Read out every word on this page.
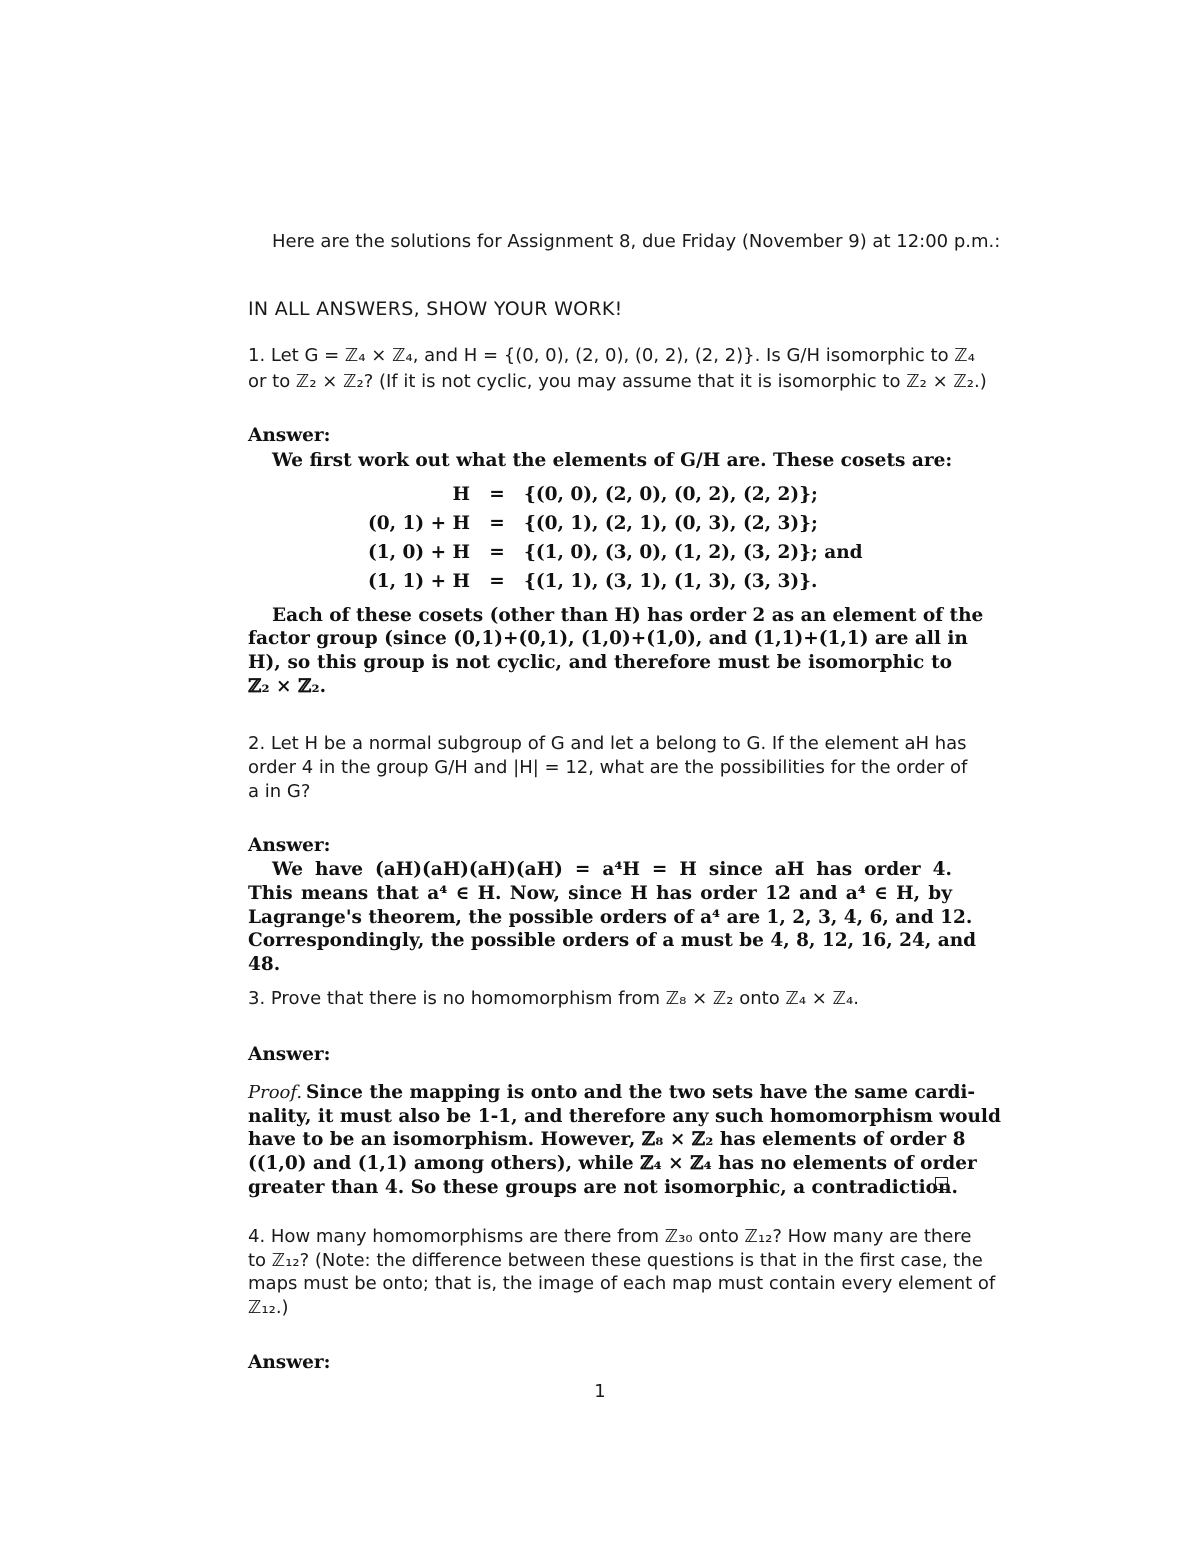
Here are the solutions for Assignment 8, due Friday (November 9) at 12:00 p.m.:
IN ALL ANSWERS, SHOW YOUR WORK!
1. Let G = ℤ₄ × ℤ₄, and H = {(0, 0), (2, 0), (0, 2), (2, 2)}. Is G/H isomorphic to ℤ₄
or to ℤ₂ × ℤ₂? (If it is not cyclic, you may assume that it is isomorphic to ℤ₂ × ℤ₂.)
Answer:
We first work out what the elements of G/H are. These cosets are:
H	=	{(0, 0), (2, 0), (0, 2), (2, 2)};
(0, 1) + H	=	{(0, 1), (2, 1), (0, 3), (2, 3)};
(1, 0) + H	=	{(1, 0), (3, 0), (1, 2), (3, 2)}; and
(1, 1) + H	=	{(1, 1), (3, 1), (1, 3), (3, 3)}.
Each of these cosets (other than H) has order 2 as an element of the
factor group (since (0,1)+(0,1), (1,0)+(1,0), and (1,1)+(1,1) are all in
H), so this group is not cyclic, and therefore must be isomorphic to
ℤ₂ × ℤ₂.
2. Let H be a normal subgroup of G and let a belong to G. If the element aH has
order 4 in the group G/H and |H| = 12, what are the possibilities for the order of
a in G?
Answer:
We have (aH)(aH)(aH)(aH) = a⁴H = H since aH has order 4.
This means that a⁴ ∈ H. Now, since H has order 12 and a⁴ ∈ H, by
Lagrange's theorem, the possible orders of a⁴ are 1, 2, 3, 4, 6, and 12.
Correspondingly, the possible orders of a must be 4, 8, 12, 16, 24, and
48.
3. Prove that there is no homomorphism from ℤ₈ × ℤ₂ onto ℤ₄ × ℤ₄.
Answer:
Proof. Since the mapping is onto and the two sets have the same cardi-
nality, it must also be 1-1, and therefore any such homomorphism would
have to be an isomorphism. However, ℤ₈ × ℤ₂ has elements of order 8
((1,0) and (1,1) among others), while ℤ₄ × ℤ₄ has no elements of order
greater than 4. So these groups are not isomorphic, a contradiction.
4. How many homomorphisms are there from ℤ₃₀ onto ℤ₁₂? How many are there
to ℤ₁₂? (Note: the difference between these questions is that in the first case, the
maps must be onto; that is, the image of each map must contain every element of
ℤ₁₂.)
Answer:
1
